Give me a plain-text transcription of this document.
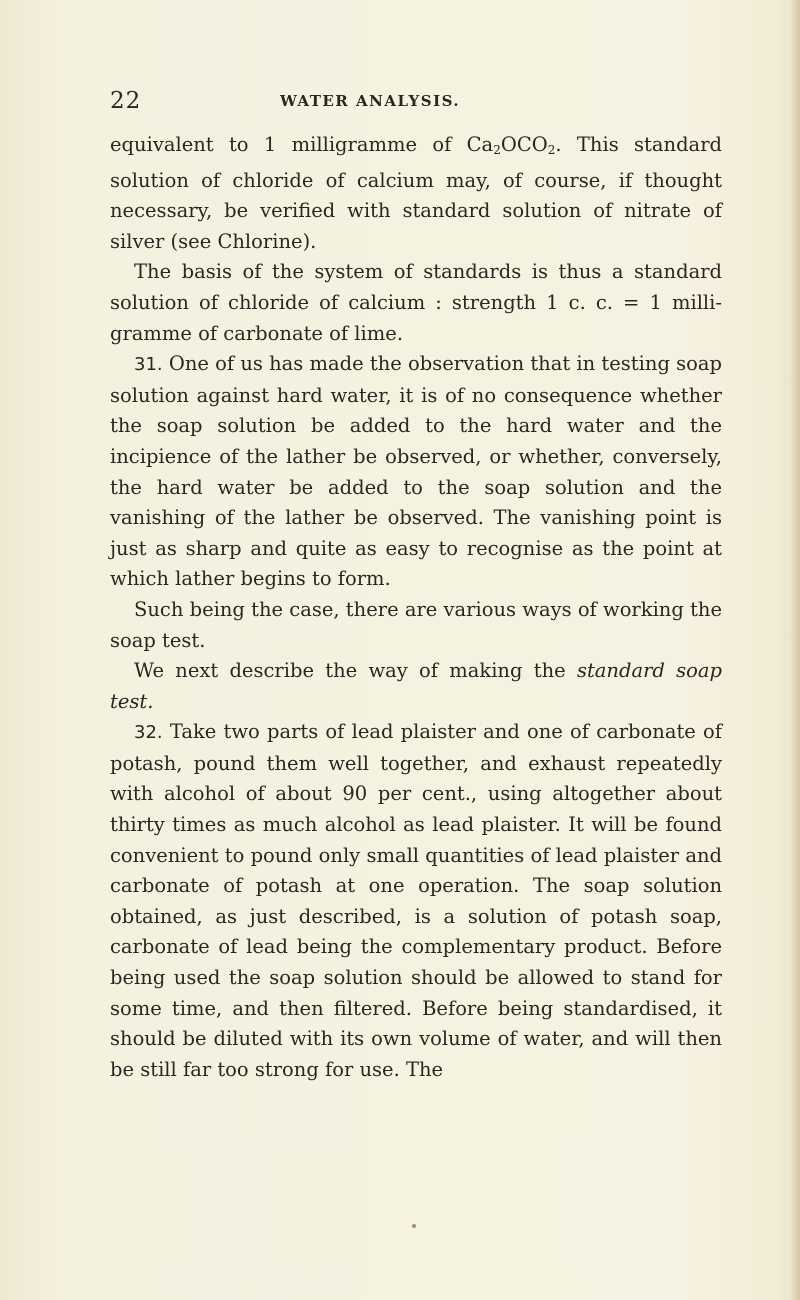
22	WATER ANALYSIS.

equivalent to 1 milligramme of $Ca_2OCO_2$. This standard solution of chloride of calcium may, of course, if thought necessary, be verified with standard solution of nitrate of silver (see Chlorine).

The basis of the system of standards is thus a standard solution of chloride of calcium : strength 1 c. c. = 1 milli-gramme of carbonate of lime.

31. One of us has made the observation that in testing soap solution against hard water, it is of no consequence whether the soap solution be added to the hard water and the incipience of the lather be observed, or whether, conversely, the hard water be added to the soap solution and the vanishing of the lather be observed. The vanishing point is just as sharp and quite as easy to recognise as the point at which lather begins to form.

Such being the case, there are various ways of working the soap test.

We next describe the way of making the standard soap test.

32. Take two parts of lead plaister and one of carbonate of potash, pound them well together, and exhaust repeatedly with alcohol of about 90 per cent., using altogether about thirty times as much alcohol as lead plaister. It will be found convenient to pound only small quantities of lead plaister and carbonate of potash at one operation. The soap solution obtained, as just described, is a solution of potash soap, carbonate of lead being the complementary product. Before being used the soap solution should be allowed to stand for some time, and then filtered. Before being standardised, it should be diluted with its own volume of water, and will then be still far too strong for use. The
